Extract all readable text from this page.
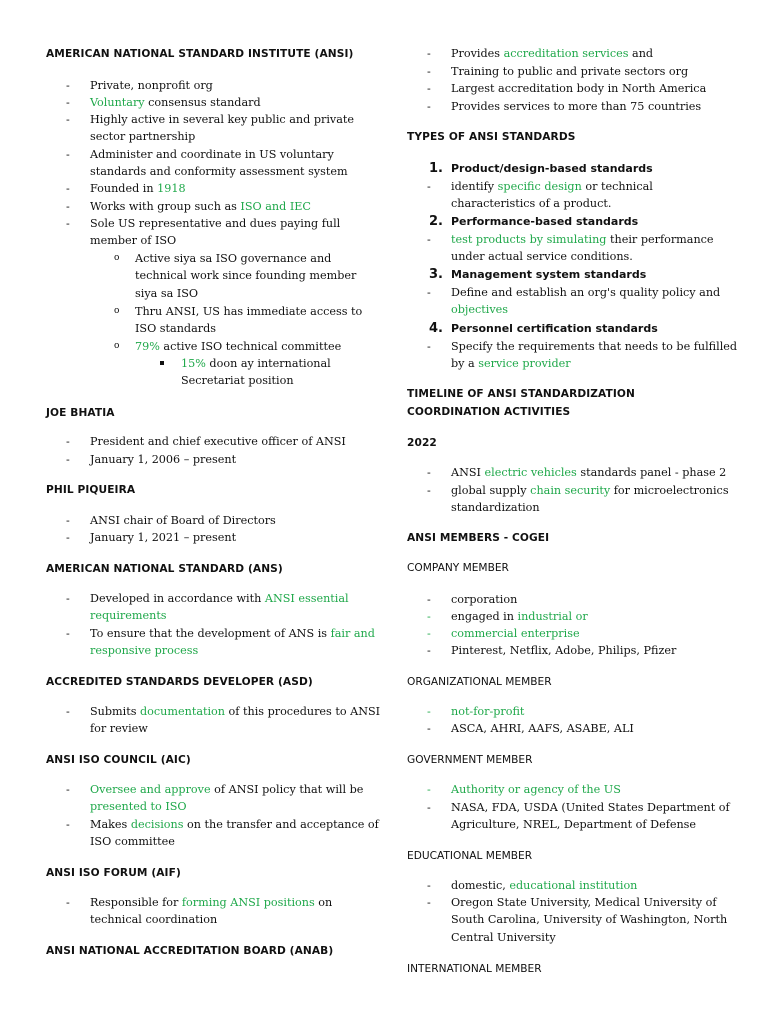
AMERICAN NATIONAL STANDARD INSTITUTE (ANSI)
- Private, nonprofit org
- Voluntary consensus standard
- Highly active in several key public and private
sector partnership
- Administer and coordinate in US voluntary
standards and conformity assessment system
- Founded in 1918
- Works with group such as ISO and IEC
- Sole US representative and dues paying full
member of ISO
o Active siya sa ISO governance and
technical work since founding member
siya sa ISO
o Thru ANSI, US has immediate access to
ISO standards
o 79% active ISO technical committee
15% doon ay international
Secretariat position
JOE BHATIA
- President and chief executive officer of ANSI
- January 1, 2006 – present
PHIL PIQUEIRA
- ANSI chair of Board of Directors
- January 1, 2021 – present
AMERICAN NATIONAL STANDARD (ANS)
- Developed in accordance with ANSI essential
requirements
- To ensure that the development of ANS is fair and
responsive process
ACCREDITED STANDARDS DEVELOPER (ASD)
- Submits documentation of this procedures to ANSI
for review
ANSI ISO COUNCIL (AIC)
- Oversee and approve of ANSI policy that will be
presented to ISO
- Makes decisions on the transfer and acceptance of
ISO committee
ANSI ISO FORUM (AIF)
- Responsible for forming ANSI positions on
technical coordination
ANSI NATIONAL ACCREDITATION BOARD (ANAB)
- Provides accreditation services and
- Training to public and private sectors org
- Largest accreditation body in North America
- Provides services to more than 75 countries
TYPES OF ANSI STANDARDS
1. Product/design-based standards
- identify specific design or technical
characteristics of a product.
2. Performance-based standards
- test products by simulating their performance
under actual service conditions.
3. Management system standards
- Define and establish an org's quality policy and
objectives
4. Personnel certification standards
- Specify the requirements that needs to be fulfilled
by a service provider
TIMELINE OF ANSI STANDARDIZATION
COORDINATION ACTIVITIES
2022
- ANSI electric vehicles standards panel - phase 2
- global supply chain security for microelectronics
standardization
ANSI MEMBERS - COGEI
COMPANY MEMBER
- corporation
- engaged in industrial or
- commercial enterprise
- Pinterest, Netflix, Adobe, Philips, Pfizer
ORGANIZATIONAL MEMBER
- not-for-profit
- ASCA, AHRI, AAFS, ASABE, ALI
GOVERNMENT MEMBER
- Authority or agency of the US
- NASA, FDA, USDA (United States Department of
Agriculture, NREL, Department of Defense
EDUCATIONAL MEMBER
- domestic, educational institution
- Oregon State University, Medical University of
South Carolina, University of Washington, North
Central University
INTERNATIONAL MEMBER
